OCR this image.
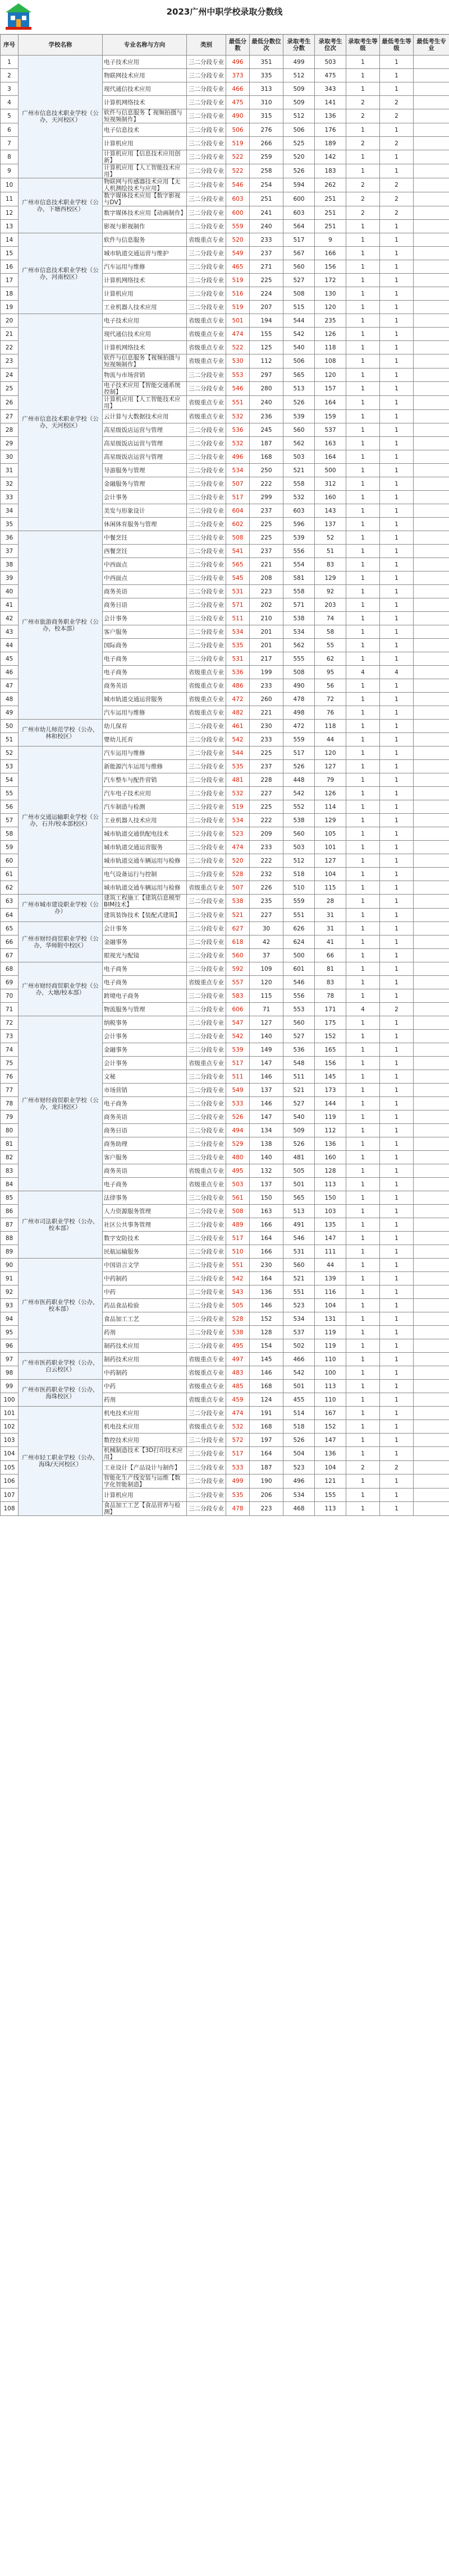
2023广州中职学校录取分数线
序号	学校名称	专业名称与方向	类别	最低分数	最低分数位次	录取考生分数	录取考生位次	录取考生等级	最低考生等级	最低考生专业
1	广州市信息技术职业学校（公办，天河校区）	电子技术应用	三二分段专业	496	351	499	503	1	1	
2		物联网技术应用	三二分段专业	373	335	512	475	1	1	
3		现代通信技术应用	三二分段专业	466	313	509	343	1	1	
4		计算机网络技术	三二分段专业	475	310	509	141	2	2	
5		软件与信息服务【 视频拍摄与短视频制作】	三二分段专业	490	315	512	136	2	2	
6		电子信息技术	三二分段专业	506	276	506	176	1	1	
7		计算机应用	三二分段专业	519	266	525	189	2	2	
8		计算机应用【信息技术应用创新】	三二分段专业	522	259	520	142	1	1	
9		计算机应用【人工智能技术应用】	三二分段专业	522	258	526	183	1	1	
10	广州市信息技术职业学校（公办，下塘西校区）	物联网与传感器技术应用【无人机测绘技术与应用】	三二分段专业	546	254	594	262	2	2	
11		数字媒体技术应用【数字影视与DV】	三二分段专业	603	251	600	251	2	2	
12		数字媒体技术应用【动画制作】	三二分段专业	600	241	603	251	2	2	
13		影视与影视制作	三二分段专业	559	240	564	251	1	1	
14	广州市信息技术职业学校（公办，河南校区）	软件与信息服务	省级重点专业	520	233	517	9	1	1	
15		城市轨道交通运营与维护	三二分段专业	549	237	567	166	1	1	
16		汽车运用与维修	三二分段专业	465	271	560	156	1	1	
17		计算机网络技术	三二分段专业	519	225	527	172	1	1	
18		计算机应用	三二分段专业	516	224	508	130	1	1	
19		工业机器人技术应用	三二分段专业	519	207	515	120	1	1	
20	广州市信息技术职业学校（公办，天河校区）	电子技术应用	省级重点专业	501	194	544	235	1	1	
21		现代通信技术应用	省级重点专业	474	155	542	126	1	1	
22		计算机网络技术	省级重点专业	522	125	540	118	1	1	
23		软件与信息服务【视频拍摄与短视频制作】	省级重点专业	530	112	506	108	1	1	
24		物流与市场营销	三二分段专业	553	297	565	120	1	1	
25		电子技术应用【智能交通系统控制】	三二分段专业	546	280	513	157	1	1	
26		计算机应用【人工智能技术应用】	省级重点专业	551	240	526	164	1	1	
27		云计算与大数据技术应用	省级重点专业	532	236	539	159	1	1	
28		高星级饭店运营与管理	三二分段专业	536	245	560	537	1	1	
29		高星级饭店运营与管理	三二分段专业	532	187	562	163	1	1	
30		高星级饭店运营与管理	三二分段专业	496	168	503	164	1	1	
31		导游服务与管理	三二分段专业	534	250	521	500	1	1	
32		金融服务与管理	三二分段专业	507	222	558	312	1	1	
33		会计事务	三二分段专业	517	299	532	160	1	1	
34		美发与形象设计	三二分段专业	604	237	603	143	1	1	
35		休闲体育服务与管理	三二分段专业	602	225	596	137	1	1	
36	广州市旅游商务职业学校（公办，校本部）	中餐烹饪	三二分段专业	508	225	539	52	1	1	
37		西餐烹饪	三二分段专业	541	237	556	51	1	1	
38		中西面点	三二分段专业	565	221	554	83	1	1	
39		中西面点	三二分段专业	545	208	581	129	1	1	
40		商务英语	三二分段专业	531	223	558	92	1	1	
41		商务日语	三二分段专业	571	202	571	203	1	1	
42		会计事务	三二分段专业	511	210	538	74	1	1	
43		客户服务	三二分段专业	534	201	534	58	1	1	
44		国际商务	三二分段专业	535	201	562	55	1	1	
45		电子商务	三二分段专业	531	217	555	62	1	1	
46		电子商务	省级重点专业	536	199	508	95	4	4	
47		商务英语	省级重点专业	486	233	490	56	1	1	
48		城市轨道交通运营服务	省级重点专业	472	260	478	72	1	1	
49		汽车运用与维修	省级重点专业	482	221	498	76	1	1	
50	广州市幼儿师范学校（公办，林和校区）	幼儿保育	三二分段专业	461	230	472	118	1	1	
51		婴幼儿托育	三二分段专业	542	233	559	44	1	1	
52	广州市交通运输职业学校（公办，石井/校本部校区）	汽车运用与维修	三二分段专业	544	225	517	120	1	1	
53		新能源汽车运用与维修	三二分段专业	535	237	526	127	1	1	
54		汽车整车与配件营销	三二分段专业	481	228	448	79	1	1	
55		汽车电子技术应用	三二分段专业	532	227	542	126	1	1	
56		汽车制造与检测	三二分段专业	519	225	552	114	1	1	
57		工业机器人技术应用	三二分段专业	534	222	538	129	1	1	
58		城市轨道交通供配电技术	三二分段专业	523	209	560	105	1	1	
59		城市轨道交通运营服务	三二分段专业	474	233	503	101	1	1	
60		城市轨道交通车辆运用与检修	三二分段专业	520	222	512	127	1	1	
61		电气设备运行与控制	三二分段专业	528	232	518	104	1	1	
62		城市轨道交通车辆运用与检修	省级重点专业	507	226	510	115	1	1	
63	广州市城市建设职业学校（公办）	建筑工程施工【建筑信息模型BIM技术】	三二分段专业	538	235	559	28	1	1	
64		建筑装饰技术【装配式建筑】	三二分段专业	521	227	551	31	1	1	
65	广州市财经商贸职业学校（公办，华师附中校区）	会计事务	三二分段专业	627	30	626	31	1	1	
66		金融事务	三二分段专业	618	42	624	41	1	1	
67		眼视光与配镜	三二分段专业	560	37	500	66	1	1	
68	广州市财经商贸职业学校（公办，大塘/校本部）	电子商务	三二分段专业	592	109	601	81	1	1	
69		电子商务	省级重点专业	557	120	546	83	1	1	
70		跨境电子商务	三二分段专业	583	115	556	78	1	1	
71		物流服务与管理	三二分段专业	606	71	553	171	4	2	
72	广州市财经商贸职业学校（公办，龙归校区）	纳税事务	三二分段专业	547	127	560	175	1	1	
73		会计事务	三二分段专业	542	140	527	152	1	1	
74		金融事务	三二分段专业	539	149	536	165	1	1	
75		会计事务	省级重点专业	517	147	548	156	1	1	
76		文秘	三二分段专业	511	146	511	145	1	1	
77		市场营销	三二分段专业	549	137	521	173	1	1	
78		电子商务	三二分段专业	533	146	527	144	1	1	
79		商务英语	三二分段专业	526	147	540	119	1	1	
80		商务日语	三二分段专业	494	134	509	112	1	1	
81		商务助理	三二分段专业	529	138	526	136	1	1	
82		客户服务	三二分段专业	480	140	481	160	1	1	
83		商务英语	省级重点专业	495	132	505	128	1	1	
84		电子商务	省级重点专业	503	137	501	113	1	1	
85	广州市司法职业学校（公办，校本部）	法律事务	三二分段专业	561	150	565	150	1	1	
86		人力资源服务管理	三二分段专业	508	163	513	103	1	1	
87		社区公共事务管理	三二分段专业	489	166	491	135	1	1	
88		数字安防技术	三二分段专业	517	164	546	147	1	1	
89		民航运输服务	三二分段专业	510	166	531	111	1	1	
90	广州市医药职业学校（公办，校本部）	中国语言文学	三二分段专业	551	230	560	44	1	1	
91		中药制药	三二分段专业	542	164	521	139	1	1	
92		中药	三二分段专业	543	136	551	116	1	1	
93		药品食品检验	三二分段专业	505	146	523	104	1	1	
94		食品加工工艺	三二分段专业	528	152	534	131	1	1	
95		药剂	三二分段专业	538	128	537	119	1	1	
96		制药技术应用	三二分段专业	495	154	502	119	1	1	
97	广州市医药职业学校（公办，白云校区）	制药技术应用	省级重点专业	497	145	466	110	1	1	
98		中药制药	省级重点专业	483	146	542	100	1	1	
99	广州市医药职业学校（公办，海珠校区）	中药	省级重点专业	485	168	501	113	1	1	
100		药剂	省级重点专业	459	124	455	110	1	1	
101	广州市轻工职业学校（公办，海珠/天河校区）	机电技术应用	三二分段专业	474	191	514	167	1	1	
102		机电技术应用	省级重点专业	532	168	518	152	1	1	
103		数控技术应用	三二分段专业	572	197	526	147	1	1	
104		机械制造技术【3D打印技术应用】	三二分段专业	517	164	504	136	1	1	
105		工业设计【产品设计与制作】	三二分段专业	533	187	523	104	2	2	
106		智能化生产线安装与运维【数字化智能制造】	三二分段专业	499	190	496	121	1	1	
107		计算机应用	三二分段专业	535	206	534	155	1	1	
108		食品加工工艺【食品营养与检测】	三二分段专业	478	223	468	113	1	1	
